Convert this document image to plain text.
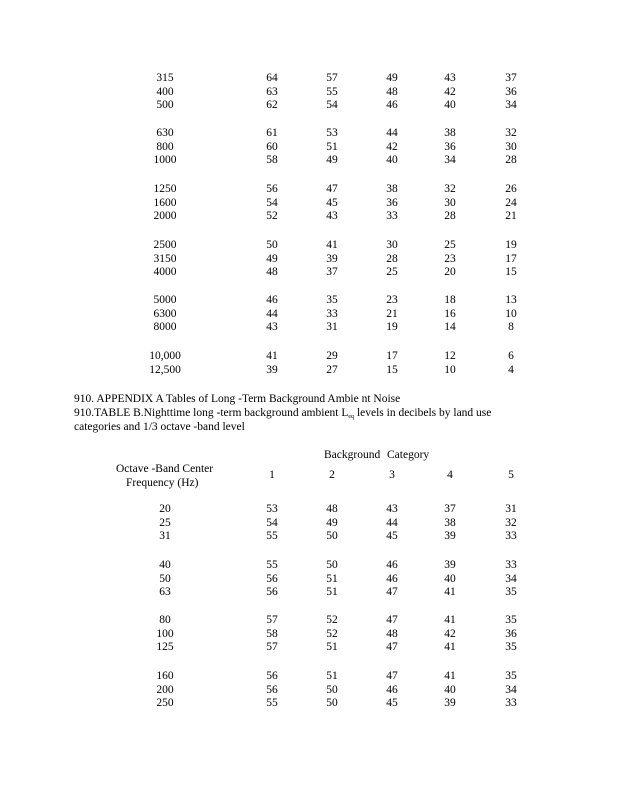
315	64	57	49	43	37
400	63	55	48	42	36
500	62	54	46	40	34
630	61	53	44	38	32
800	60	51	42	36	30
1000	58	49	40	34	28
1250	56	47	38	32	26
1600	54	45	36	30	24
2000	52	43	33	28	21
2500	50	41	30	25	19
3150	49	39	28	23	17
4000	48	37	25	20	15
5000	46	35	23	18	13
6300	44	33	21	16	10
8000	43	31	19	14	8
10,000	41	29	17	12	6
12,500	39	27	15	10	4
910. APPENDIX A Tables of Long -Term Background Ambie nt Noise
910.TABLE B.Nighttime long -term background ambient $L_{eq}$ levels in decibels by land use
categories and 1/3 octave -band level
Background Category
Octave -Band Center
Frequency (Hz)
1	2	3	4	5
20	53	48	43	37	31
25	54	49	44	38	32
31	55	50	45	39	33
40	55	50	46	39	33
50	56	51	46	40	34
63	56	51	47	41	35
80	57	52	47	41	35
100	58	52	48	42	36
125	57	51	47	41	35
160	56	51	47	41	35
200	56	50	46	40	34
250	55	50	45	39	33
